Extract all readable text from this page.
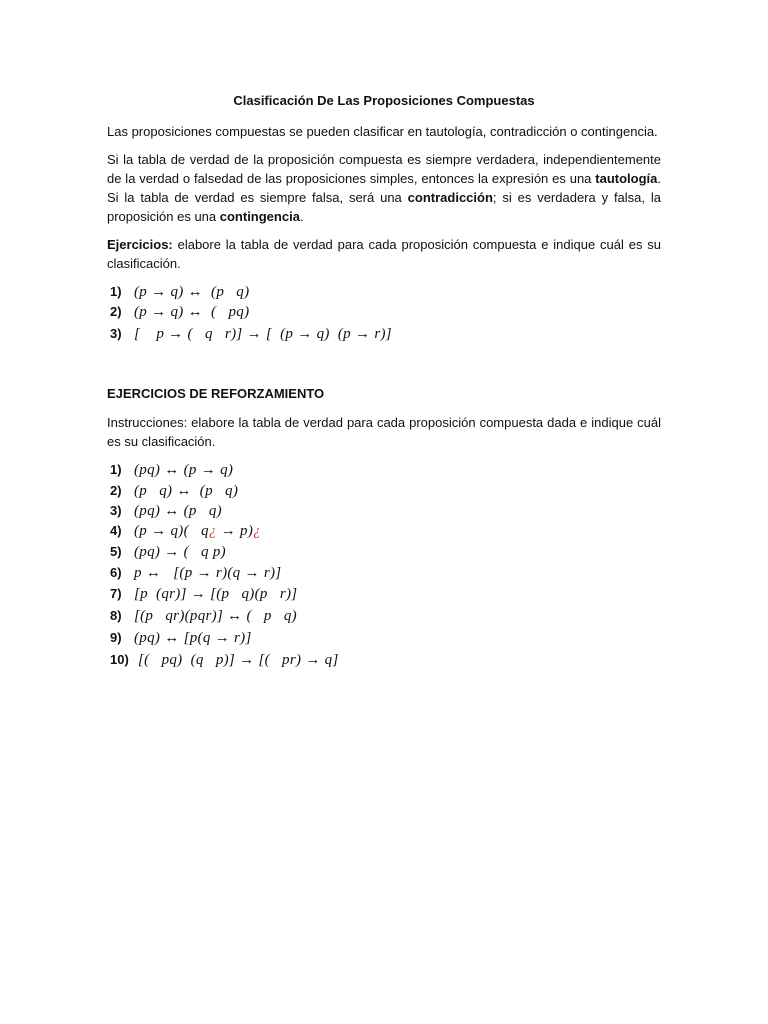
Clasificación De Las Proposiciones Compuestas
Las proposiciones compuestas se pueden clasificar en tautología, contradicción o contingencia.
Si la tabla de verdad de la proposición compuesta es siempre verdadera, independientemente de la verdad o falsedad de las proposiciones simples, entonces la expresión es una tautología. Si la tabla de verdad es siempre falsa, será una contradicción; si es verdadera y falsa, la proposición es una contingencia.
Ejercicios: elabore la tabla de verdad para cada proposición compuesta e indique cuál es su clasificación.
1) (p → q) ↔  (p   q)
2) (p → q) ↔  (   pq)
3) [    p → (   q   r)] → [  (p → q)  (p → r)]
EJERCICIOS DE REFORZAMIENTO
Instrucciones: elabore la tabla de verdad para cada proposición compuesta dada e indique cuál es su clasificación.
1) (pq) ↔ (p → q)
2) (p   q) ↔  (p   q)
3) (pq) ↔ (p   q)
4) (p → q)(   q¿ → p)¿
5) (pq) → (   q p)
6) p ↔   [(p → r)(q → r)]
7) [p  (qr)] → [(p   q)(p   r)]
8) [(p   qr)(pqr)] ↔ (   p   q)
9) (pq) ↔ [p(q → r)]
10) [(   pq)  (q   p)] → [(   pr) → q]
